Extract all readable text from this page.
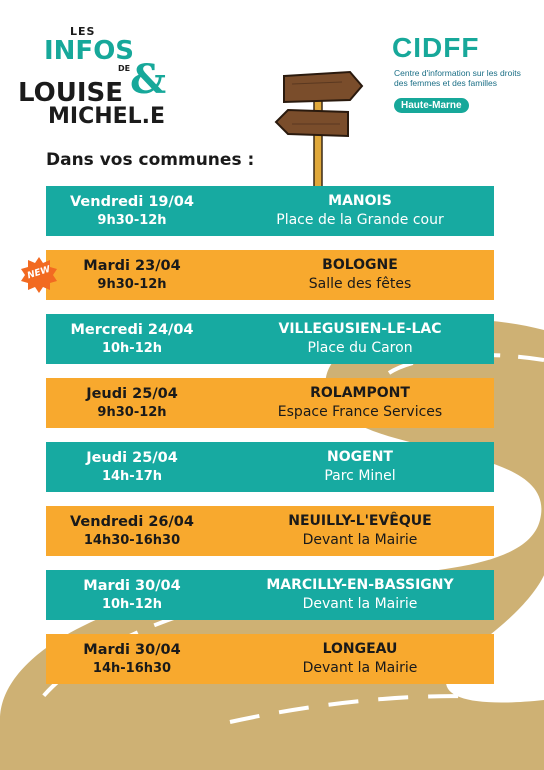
LES
INFOS
DE &
LOUISE
MICHEL.E
CIDFF
Centre d'information sur les droits des femmes et des familles
Haute-Marne
Dans vos communes :
Vendredi 19/04
9h30-12h
MANOIS
Place de la Grande cour
Mardi 23/04
9h30-12h
BOLOGNE
Salle des fêtes
NEW
Mercredi 24/04
10h-12h
VILLEGUSIEN-LE-LAC
Place du Caron
Jeudi 25/04
9h30-12h
ROLAMPONT
Espace France Services
Jeudi 25/04
14h-17h
NOGENT
Parc Minel
Vendredi 26/04
14h30-16h30
NEUILLY-L'EVÊQUE
Devant la Mairie
Mardi 30/04
10h-12h
MARCILLY-EN-BASSIGNY
Devant la Mairie
Mardi 30/04
14h-16h30
LONGEAU
Devant la Mairie
